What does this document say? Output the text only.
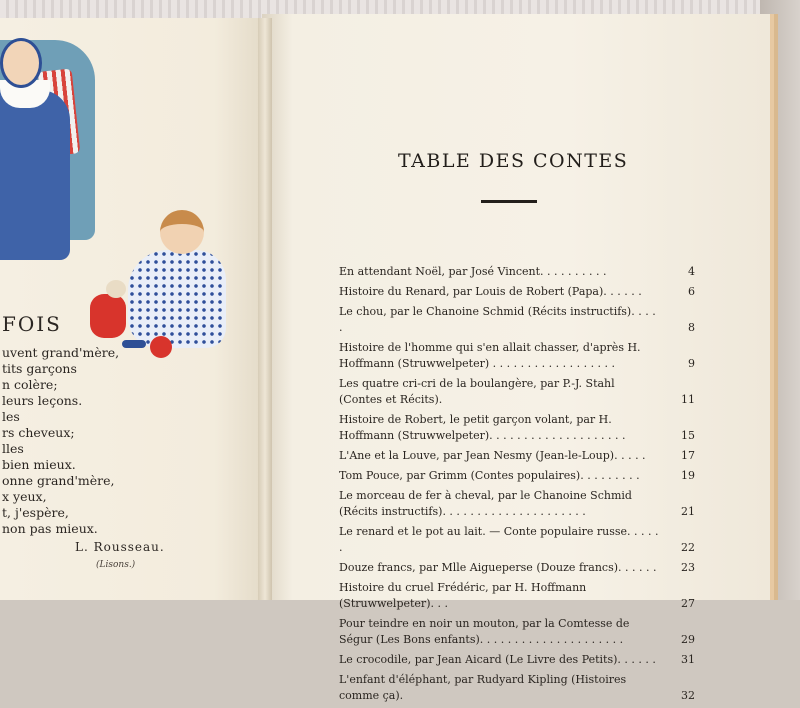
FOIS
uvent grand'mère,
tits garçons
n colère;
leurs leçons.
les
rs cheveux;
lles
bien mieux.
onne grand'mère,
x yeux,
t, j'espère,
non pas mieux.
L. Rousseau.
(Lisons.)
TABLE DES CONTES
En attendant Noël, par José Vincent. . . . . . . . . .	4
Histoire du Renard, par Louis de Robert (Papa). . . . . .	6
Le chou, par le Chanoine Schmid (Récits instructifs). . . . .	8
Histoire de l'homme qui s'en allait chasser, d'après H. Hoffmann (Struwwelpeter) . . . . . . . . . . . . . . . . . .	9
Les quatre cri-cri de la boulangère, par P.-J. Stahl (Contes et Récits).	11
Histoire de Robert, le petit garçon volant, par H. Hoffmann (Struwwelpeter). . . . . . . . . . . . . . . . . . . .	15
L'Ane et la Louve, par Jean Nesmy (Jean-le-Loup). . . . .	17
Tom Pouce, par Grimm (Contes populaires). . . . . . . . .	19
Le morceau de fer à cheval, par le Chanoine Schmid (Récits instructifs). . . . . . . . . . . . . . . . . . . . .	21
Le renard et le pot au lait. — Conte populaire russe. . . . . .	22
Douze francs, par Mlle Aigueperse (Douze francs). . . . . .	23
Histoire du cruel Frédéric, par H. Hoffmann (Struwwelpeter). . .	27
Pour teindre en noir un mouton, par la Comtesse de Ségur (Les Bons enfants). . . . . . . . . . . . . . . . . . . . .	29
Le crocodile, par Jean Aicard (Le Livre des Petits). . . . . .	31
L'enfant d'éléphant, par Rudyard Kipling (Histoires comme ça).	32
